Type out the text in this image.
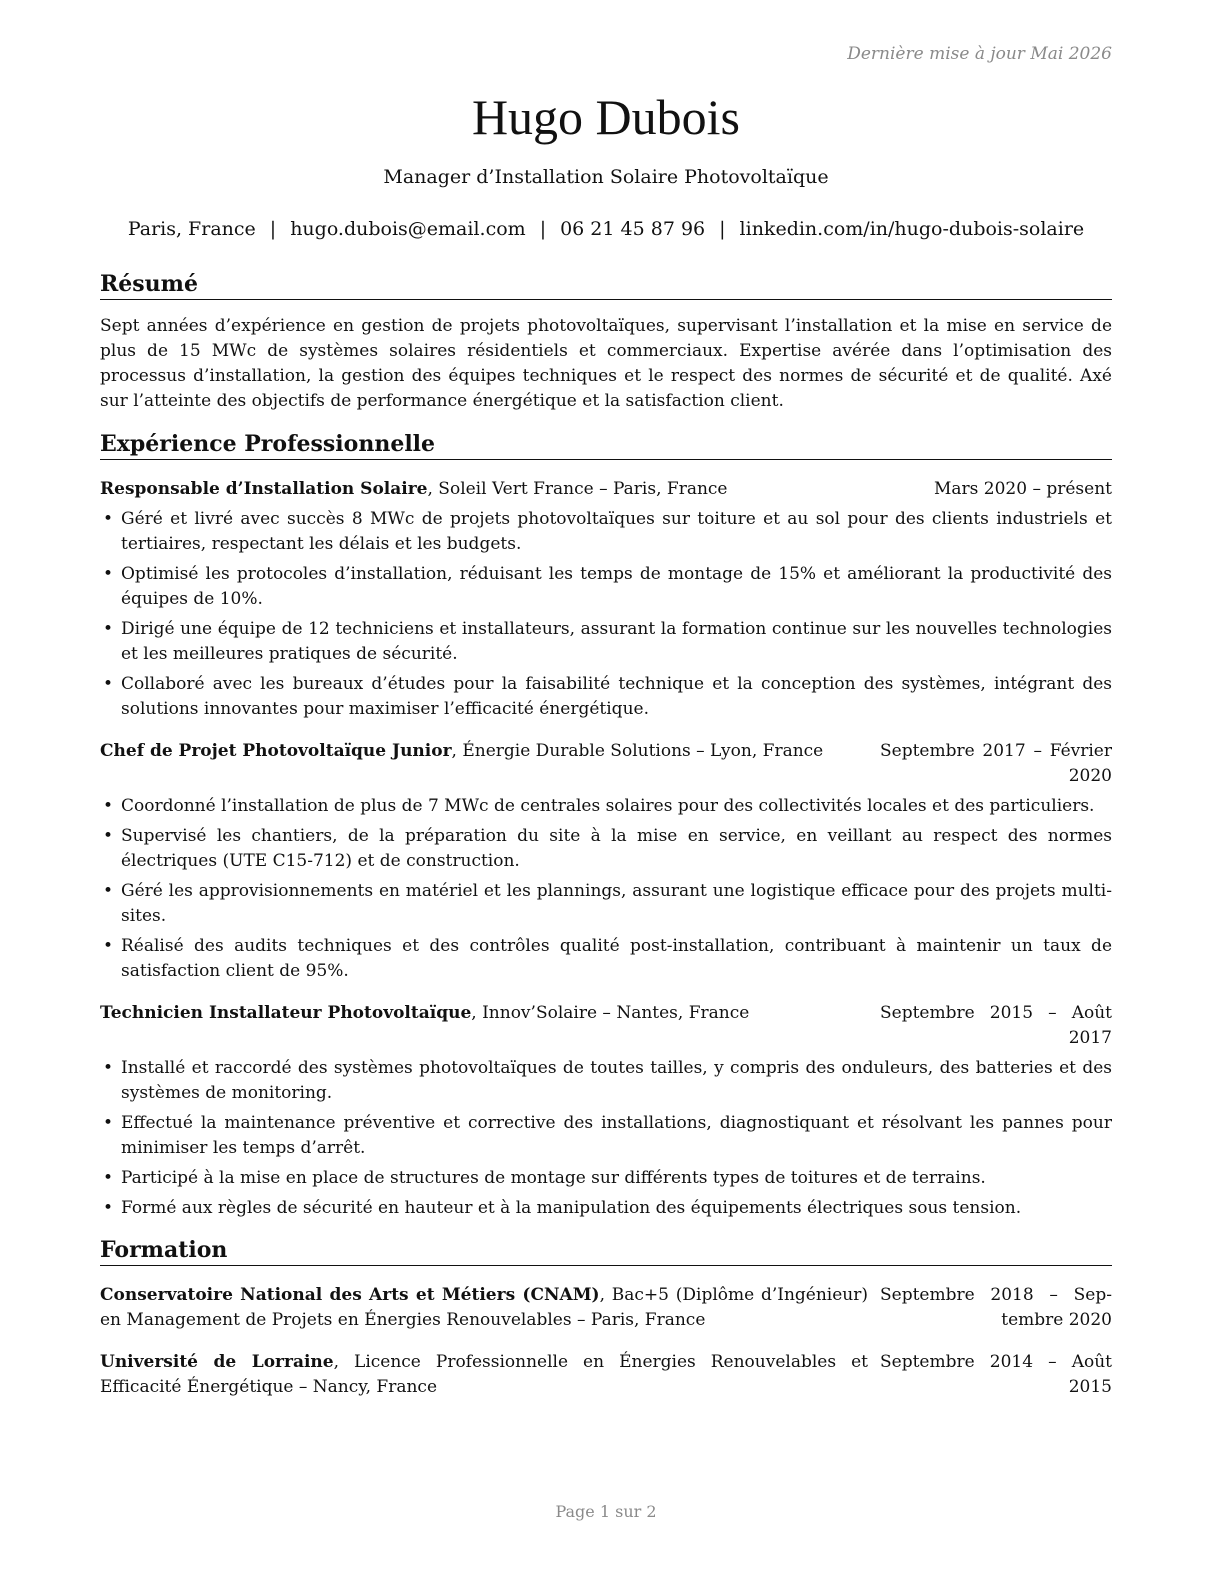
Dernière mise à jour Mai 2026
Hugo Dubois
Manager d’Installation Solaire Photovoltaïque
Paris, France | hugo.dubois@email.com | 06 21 45 87 96 | linkedin.com/in/hugo-dubois-solaire
Résumé
Sept années d’expérience en gestion de projets photovoltaïques, supervisant l’installation et la mise en service de plus de 15 MWc de systèmes solaires résidentiels et commerciaux. Expertise avérée dans l’optimisation des processus d’installation, la gestion des équipes techniques et le respect des normes de sécurité et de qualité. Axé sur l’atteinte des objectifs de performance énergétique et la satisfaction client.
Expérience Professionnelle
Responsable d’Installation Solaire, Soleil Vert France – Paris, France	Mars 2020 – présent
• Géré et livré avec succès 8 MWc de projets photovoltaïques sur toiture et au sol pour des clients industriels et tertiaires, respectant les délais et les budgets.
• Optimisé les protocoles d’installation, réduisant les temps de montage de 15% et améliorant la productivité des équipes de 10%.
• Dirigé une équipe de 12 techniciens et installateurs, assurant la formation continue sur les nouvelles technologies et les meilleures pratiques de sécurité.
• Collaboré avec les bureaux d’études pour la faisabilité technique et la conception des systèmes, intégrant des solutions innovantes pour maximiser l’efficacité énergétique.
Chef de Projet Photovoltaïque Junior, Énergie Durable Solutions – Lyon, France	Septembre 2017 – Février 2020
• Coordonné l’installation de plus de 7 MWc de centrales solaires pour des collectivités locales et des particuliers.
• Supervisé les chantiers, de la préparation du site à la mise en service, en veillant au respect des normes électriques (UTE C15-712) et de construction.
• Géré les approvisionnements en matériel et les plannings, assurant une logistique efficace pour des projets multi-sites.
• Réalisé des audits techniques et des contrôles qualité post-installation, contribuant à maintenir un taux de satisfaction client de 95%.
Technicien Installateur Photovoltaïque, Innov’Solaire – Nantes, France	Septembre 2015 – Août 2017
• Installé et raccordé des systèmes photovoltaïques de toutes tailles, y compris des onduleurs, des batteries et des systèmes de monitoring.
• Effectué la maintenance préventive et corrective des installations, diagnostiquant et résolvant les pannes pour minimiser les temps d’arrêt.
• Participé à la mise en place de structures de montage sur différents types de toitures et de terrains.
• Formé aux règles de sécurité en hauteur et à la manipulation des équipements électriques sous tension.
Formation
Conservatoire National des Arts et Métiers (CNAM), Bac+5 (Diplôme d’Ingénieur) en Management de Projets en Énergies Renouvelables – Paris, France
Septembre 2018 – Septembre 2020
Université de Lorraine, Licence Professionnelle en Énergies Renouvelables et Efficacité Énergétique – Nancy, France
Septembre 2014 – Août 2015
Page 1 sur 2
